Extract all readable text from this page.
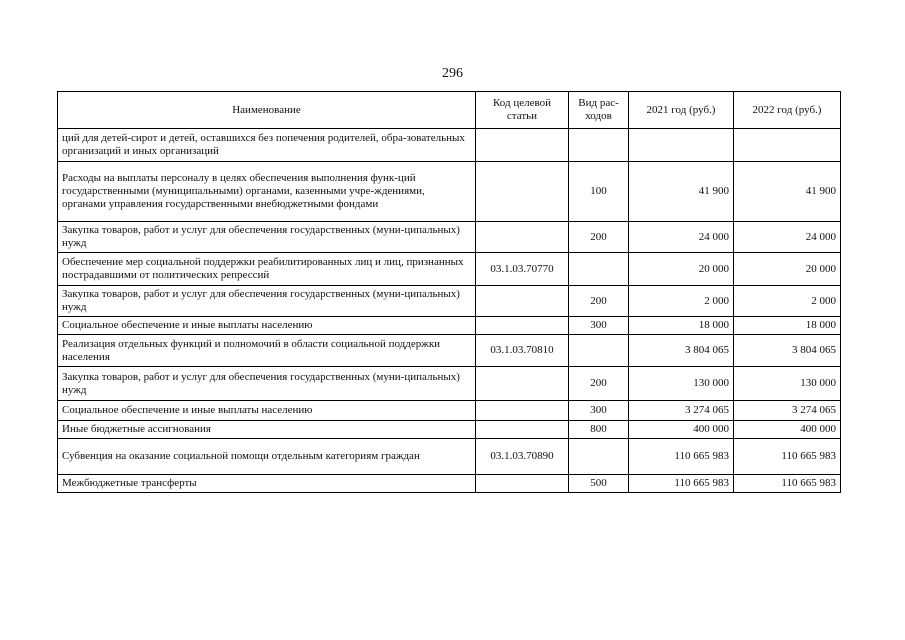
296
Наименование	Код целевой статьи	Вид рас-ходов	2021 год (руб.)	2022 год (руб.)
ций для детей-сирот и детей, оставшихся без попечения родителей, обра-зовательных организаций и иных организаций				
Расходы на выплаты персоналу в целях обеспечения выполнения функ-ций государственными (муниципальными) органами, казенными учре-ждениями, органами управления государственными внебюджетными фондами		100	41 900	41 900
Закупка товаров, работ и услуг для обеспечения государственных (муни-ципальных) нужд		200	24 000	24 000
Обеспечение мер социальной поддержки реабилитированных лиц и лиц, признанных пострадавшими от политических репрессий	03.1.03.70770		20 000	20 000
Закупка товаров, работ и услуг для обеспечения государственных (муни-ципальных) нужд		200	2 000	2 000
Социальное обеспечение и иные выплаты населению		300	18 000	18 000
Реализация отдельных функций и полномочий в области социальной поддержки населения	03.1.03.70810		3 804 065	3 804 065
Закупка товаров, работ и услуг для обеспечения государственных (муни-ципальных) нужд		200	130 000	130 000
Социальное обеспечение и иные выплаты населению		300	3 274 065	3 274 065
Иные бюджетные ассигнования		800	400 000	400 000
Субвенция на оказание социальной помощи отдельным категориям граждан	03.1.03.70890		110 665 983	110 665 983
Межбюджетные трансферты		500	110 665 983	110 665 983
